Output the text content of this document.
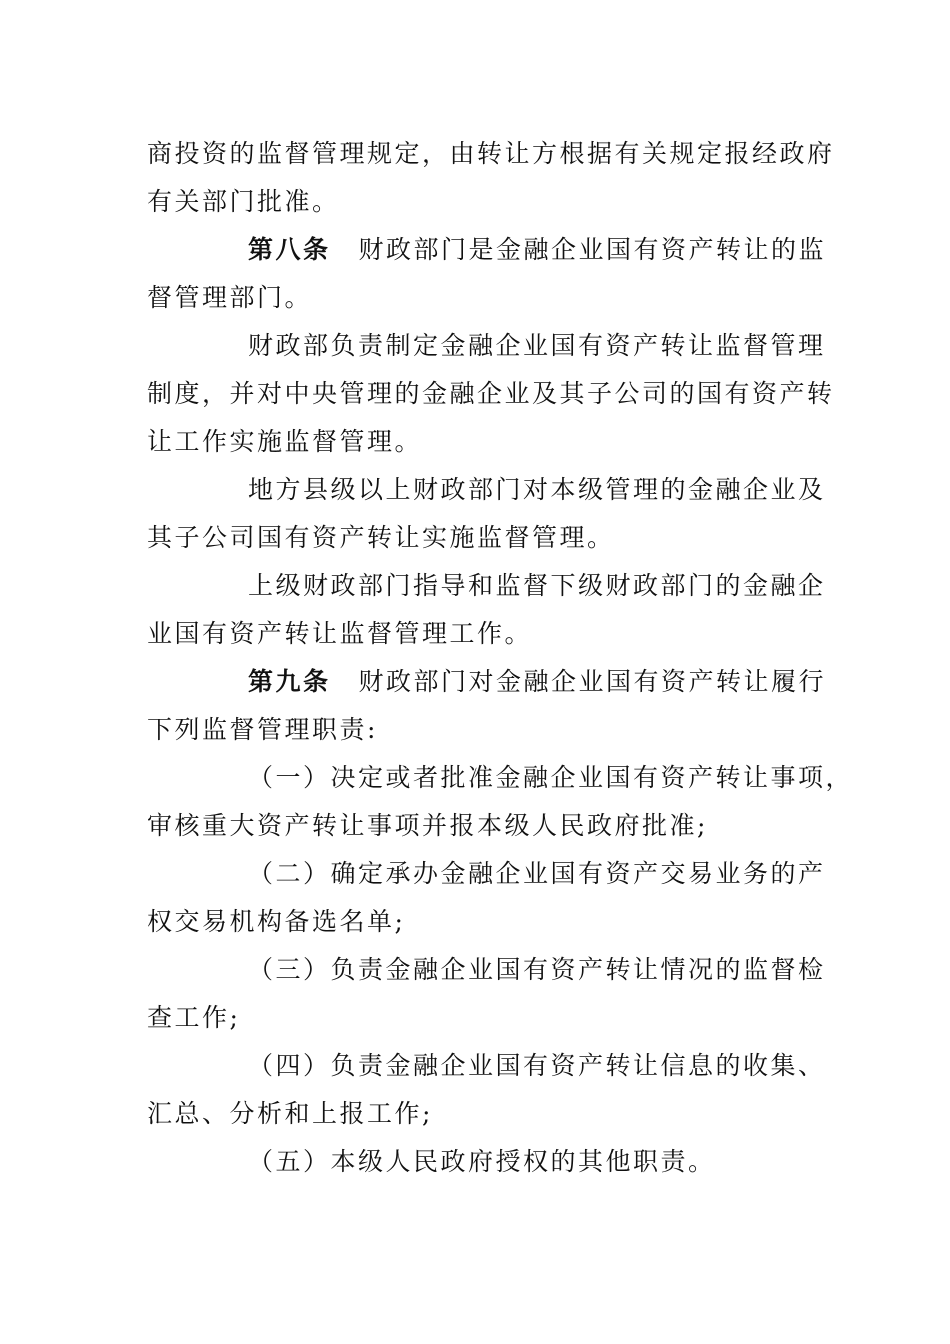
商投资的监督管理规定，由转让方根据有关规定报经政府
有关部门批准。
第八条 财政部门是金融企业国有资产转让的监
督管理部门。
财政部负责制定金融企业国有资产转让监督管理
制度，并对中央管理的金融企业及其子公司的国有资产转
让工作实施监督管理。
地方县级以上财政部门对本级管理的金融企业及
其子公司国有资产转让实施监督管理。
上级财政部门指导和监督下级财政部门的金融企
业国有资产转让监督管理工作。
第九条 财政部门对金融企业国有资产转让履行
下列监督管理职责:
（一）决定或者批准金融企业国有资产转让事项，
审核重大资产转让事项并报本级人民政府批准;
（二）确定承办金融企业国有资产交易业务的产
权交易机构备选名单;
（三）负责金融企业国有资产转让情况的监督检
查工作;
（四）负责金融企业国有资产转让信息的收集、
汇总、分析和上报工作;
（五）本级人民政府授权的其他职责。
